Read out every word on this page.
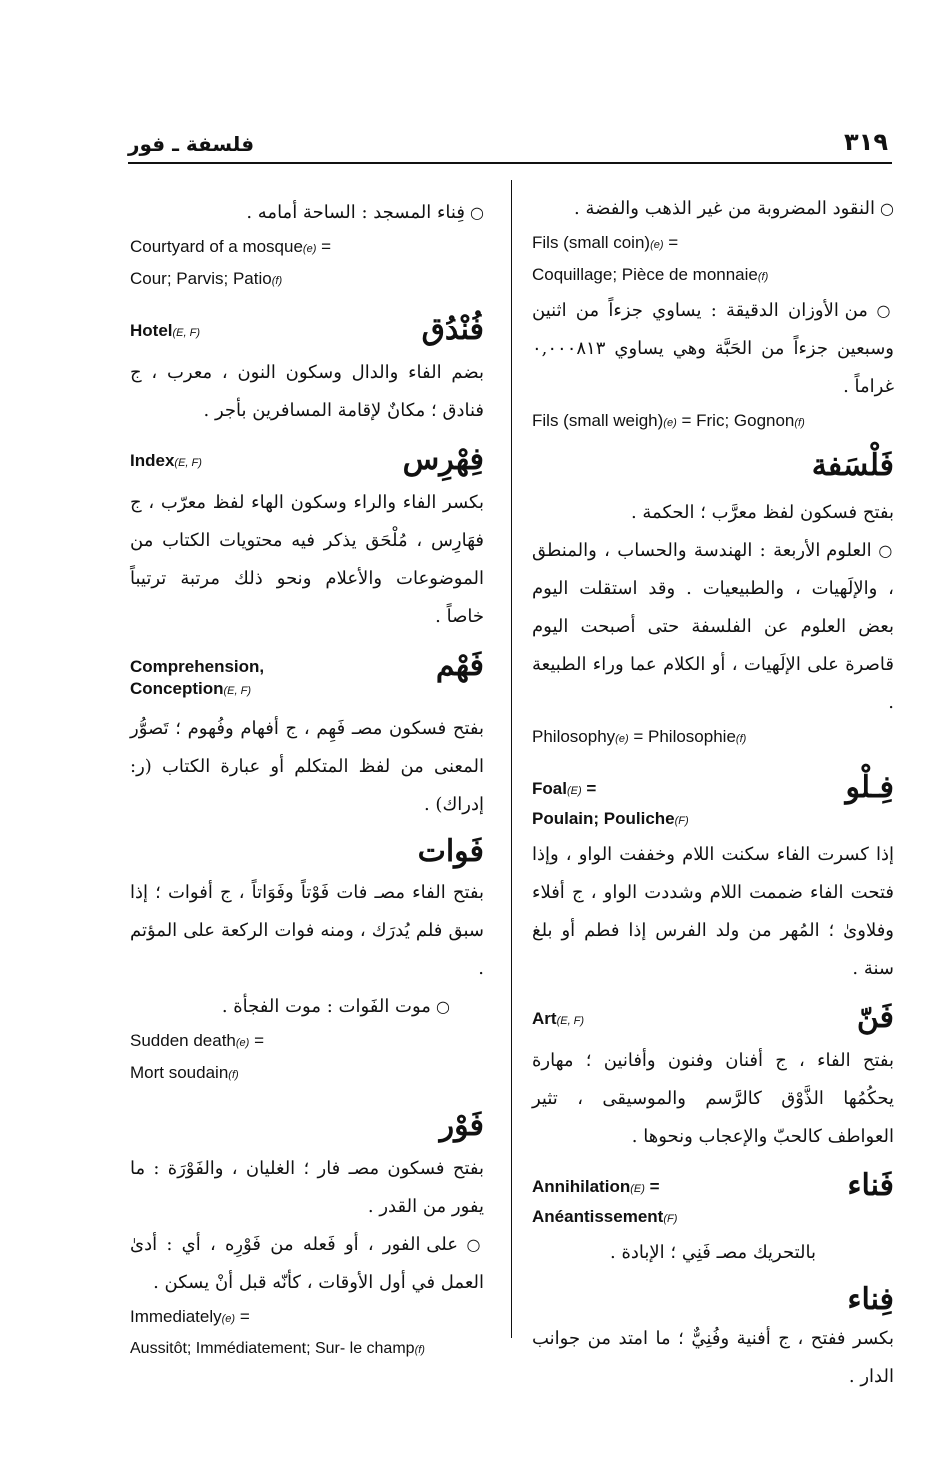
٣١٩
فلسفة ـ فور

○ النقود المضروبة من غير الذهب والفضة .

Fils (small coin)(e) =

Coquillage; Pièce de monnaie(f)

○ من الأوزان الدقيقة : يساوي جزءاً من اثنين وسبعين جزءاً من الحَبَّة وهي يساوي ٠,٠٠٠٨١٣ غراماً .

Fils (small weigh)(e) = Fric; Gognon(f)

فَلْسَفة

بفتح فسكون لفظ معرَّب ؛ الحكمة .

○ العلوم الأربعة : الهندسة والحساب ، والمنطق ، والإلَهيات ، والطبيعيات . وقد استقلت اليوم بعض العلوم عن الفلسفة حتى أصبحت اليوم قاصرة على الإلَهيات ، أو الكلام عما وراء الطبيعة .

Philosophy(e) = Philosophie(f)

فِـلْو
Foal(E) =

Poulain; Pouliche(F)

إذا كسرت الفاء سكنت اللام وخففت الواو ، وإذا فتحت الفاء ضممت اللام وشددت الواو ، ج أفلاء وفلاوىٰ ؛ المُهر من ولد الفرس إذا فطم أو بلغ سنة .

فَنّ
Art(E, F)

بفتح الفاء ، ج أفنان وفنون وأفانين ؛ مهارة يحكُمُها الذَّوْق كالرَّسم والموسيقى ، تثير العواطف كالحبّ والإعجاب ونحوها .

فَناء
Annihilation(E) =

Anéantissement(F)

بالتحريك مصـ فَنِي ؛ الإبادة .

فِناء

بكسر ففتح ، ج أفنية وفُنِيٌّ ؛ ما امتد من جوانب الدار .

○ فِناء المسجد : الساحة أمامه .

Courtyard of a mosque(e) =

Cour; Parvis; Patio(f)

فُنْدُق
Hotel(E, F)

بضم الفاء والدال وسكون النون ، معرب ، ج فنادق ؛ مكانٌ لإقامة المسافرين بأجر .

فِهْرِس
Index(E, F)

بكسر الفاء والراء وسكون الهاء لفظ معرّب ، ج فهَارِس ، مُلْحَق يذكر فيه محتويات الكتاب من الموضوعات والأعلام ونحو ذلك مرتبة ترتيباً خاصاً .

فَهْم
Comprehension,
Conception(E, F)

بفتح فسكون مصـ فَهِم ، ج أفهام وفُهوم ؛ تَصوُّر المعنى من لفظ المتكلم أو عبارة الكتاب (ر: إدراك) .

فَوات

بفتح الفاء مصـ فات فَوْتاً وفَوَاتاً ، ج أفوات ؛ إذا سبق فلم يُدرَك ، ومنه فوات الركعة على المؤتم .

○ موت الفَوات : موت الفجأة .

Sudden death(e) =

Mort soudain(f)

فَوْر

بفتح فسكون مصـ فار ؛ الغليان ، والفَوْرَة : ما يفور من القدر .

○ على الفور ، أو فَعله من فَوْرِه ، أي : أدىٰ العمل في أول الأوقات ، كأنّه قبل أنْ يسكن .

Immediately(e) =

Aussitôt; Immédiatement; Sur- le champ(f)
